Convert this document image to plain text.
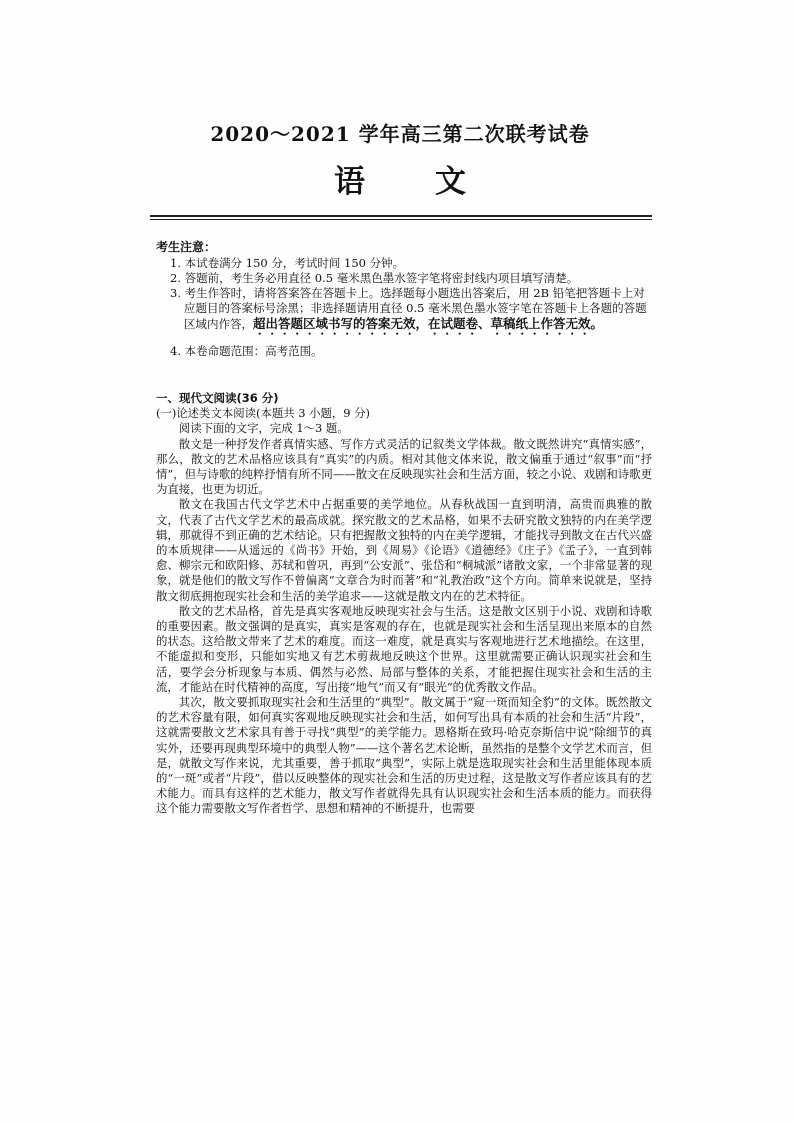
2020～2021 学年高三第二次联考试卷
语 文
考生注意：
1. 本试卷满分 150 分，考试时间 150 分钟。
2. 答题前，考生务必用直径 0.5 毫米黑色墨水签字笔将密封线内项目填写清楚。
3. 考生作答时，请将答案答在答题卡上。选择题每小题选出答案后，用 2B 铅笔把答题卡上对应题目的答案标号涂黑；非选择题请用直径 0.5 毫米黑色墨水签字笔在答题卡上各题的答题区域内作答，超出答题区域书写的答案无效，在试题卷、草稿纸上作答无效。
4. 本卷命题范围：高考范围。
一、现代文阅读(36 分)
(一)论述类文本阅读(本题共 3 小题，9 分)
阅读下面的文字，完成 1～3 题。
散文是一种抒发作者真情实感、写作方式灵活的记叙类文学体裁。散文既然讲究“真情实感”，那么，散文的艺术品格应该具有“真实”的内质。相对其他文体来说，散文偏重于通过“叙事”而“抒情”，但与诗歌的纯粹抒情有所不同——散文在反映现实社会和生活方面，较之小说、戏剧和诗歌更为直接，也更为切近。
散文在我国古代文学艺术中占据重要的美学地位。从春秋战国一直到明清，高贵而典雅的散文，代表了古代文学艺术的最高成就。探究散文的艺术品格，如果不去研究散文独特的内在美学逻辑，那就得不到正确的艺术结论。只有把握散文独特的内在美学逻辑，才能找寻到散文在古代兴盛的本质规律——从遥远的《尚书》开始，到《周易》《论语》《道德经》《庄子》《孟子》，一直到韩愈、柳宗元和欧阳修、苏轼和曾巩，再到“公安派”、张岱和“桐城派”诸散文家，一个非常显著的现象，就是他们的散文写作不曾偏离“文章合为时而著”和“礼教治政”这个方向。简单来说就是，坚持散文彻底拥抱现实社会和生活的美学追求——这就是散文内在的艺术特征。
散文的艺术品格，首先是真实客观地反映现实社会与生活。这是散文区别于小说、戏剧和诗歌的重要因素。散文强调的是真实，真实是客观的存在，也就是现实社会和生活呈现出来原本的自然的状态。这给散文带来了艺术的难度。而这一难度，就是真实与客观地进行艺术地描绘。在这里，不能虚拟和变形，只能如实地又有艺术剪裁地反映这个世界。这里就需要正确认识现实社会和生活，要学会分析现象与本质、偶然与必然、局部与整体的关系，才能把握住现实社会和生活的主流，才能站在时代精神的高度，写出接“地气”而又有“眼光”的优秀散文作品。
其次，散文要抓取现实社会和生活里的“典型”。散文属于“窥一斑而知全豹”的文体。既然散文的艺术容量有限，如何真实客观地反映现实社会和生活，如何写出具有本质的社会和生活“片段”，这就需要散文艺术家具有善于寻找“典型”的美学能力。恩格斯在致玛·哈克奈斯信中说“除细节的真实外，还要再现典型环境中的典型人物”——这个著名艺术论断，虽然指的是整个文学艺术而言，但是，就散文写作来说，尤其重要，善于抓取“典型”，实际上就是选取现实社会和生活里能体现本质的“一斑”或者“片段”，借以反映整体的现实社会和生活的历史过程，这是散文写作者应该具有的艺术能力。而具有这样的艺术能力，散文写作者就得先具有认识现实社会和生活本质的能力。而获得这个能力需要散文写作者哲学、思想和精神的不断提升，也需要
